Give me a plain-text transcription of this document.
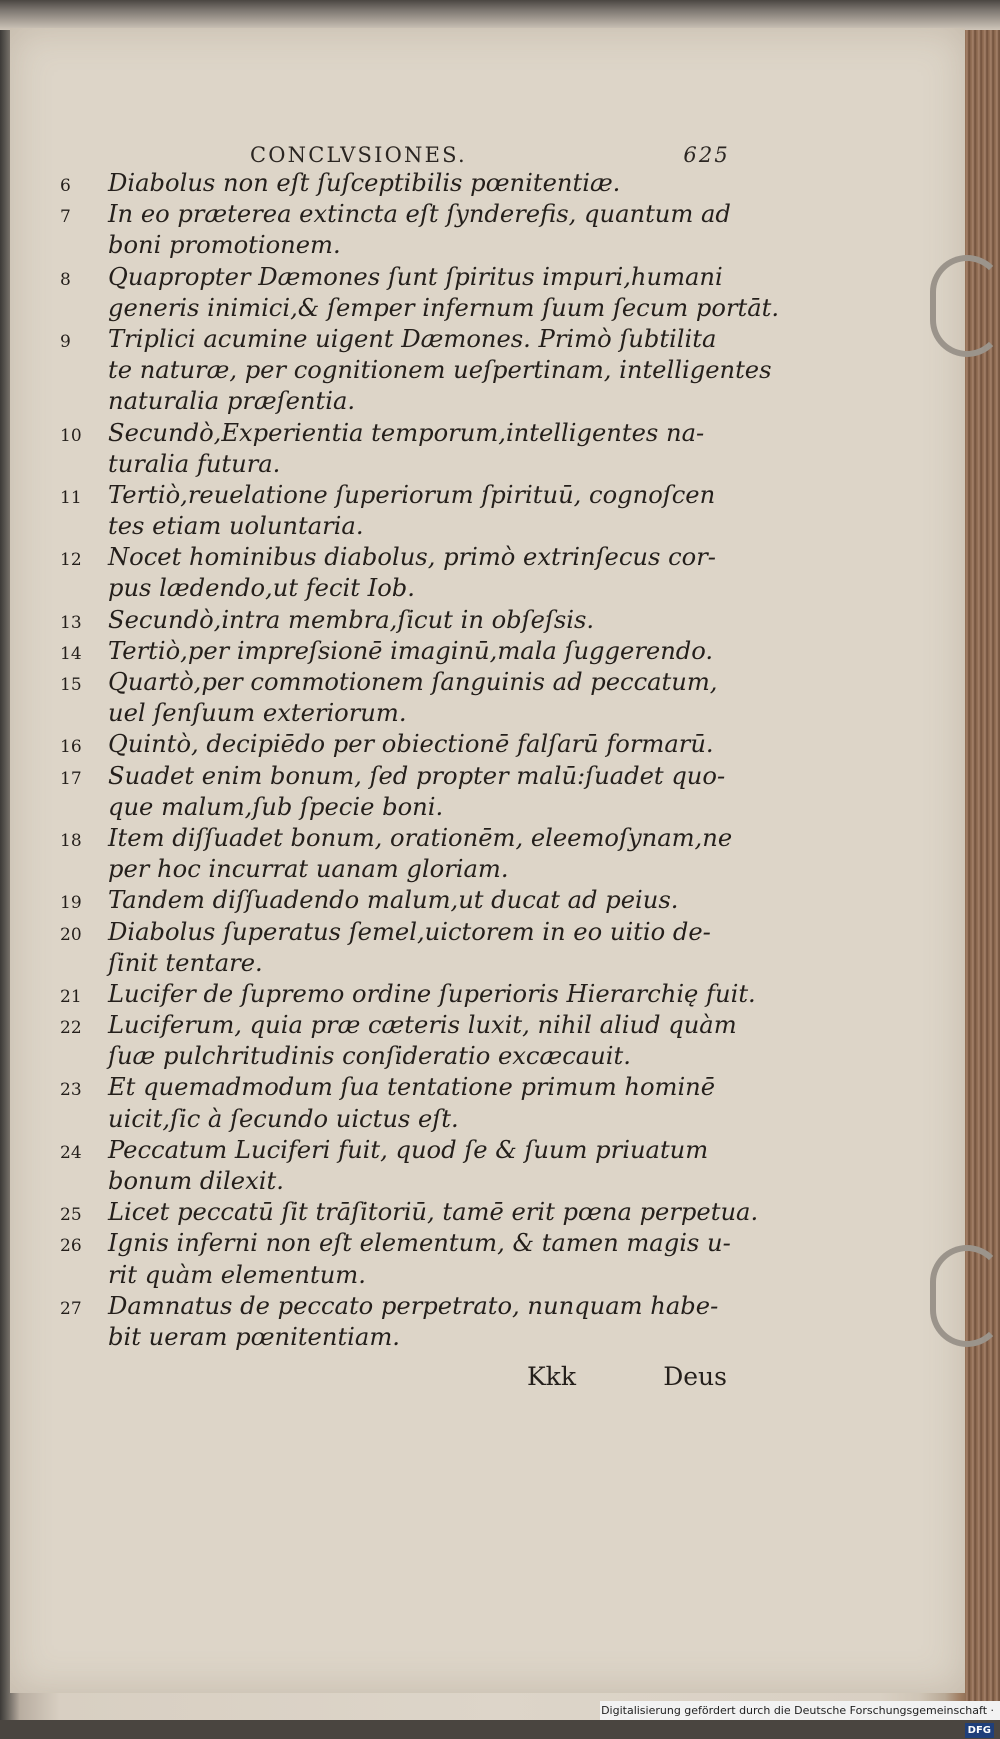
CONCLVSIONES.	625
6 Diabolus non eſt ſuſceptibilis pœnitentiæ.
7 In eo præterea extincta eſt ſynderefis, quantum ad
boni promotionem.
8 Quapropter Dæmones ſunt ſpiritus impuri,humani
generis inimici,& ſemper infernum ſuum ſecum portāt.
9 Triplici acumine uigent Dæmones. Primò ſubtilita
te naturæ, per cognitionem ueſpertinam, intelligentes
naturalia præſentia.
10 Secundò,Experientia temporum,intelligentes na-
turalia futura.
11 Tertiò,reuelatione ſuperiorum ſpirituū, cognoſcen
tes etiam uoluntaria.
12 Nocet hominibus diabolus, primò extrinſecus cor-
pus lædendo,ut fecit Iob.
13 Secundò,intra membra,ſicut in obſeſsis.
14 Tertiò,per impreſsionē imaginū,mala ſuggerendo.
15 Quartò,per commotionem ſanguinis ad peccatum,
uel ſenſuum exteriorum.
16 Quintò, decipiēdo per obiectionē falſarū formarū.
17 Suadet enim bonum, ſed propter malū:ſuadet quo-
que malum,ſub ſpecie boni.
18 Item diſſuadet bonum, orationēm, eleemoſynam,ne
per hoc incurrat uanam gloriam.
19 Tandem diſſuadendo malum,ut ducat ad peius.
20 Diabolus ſuperatus ſemel,uictorem in eo uitio de-
ſinit tentare.
21 Lucifer de ſupremo ordine ſuperioris Hierarchię fuit.
22 Luciferum, quia præ cæteris luxit, nihil aliud quàm
ſuæ pulchritudinis conſideratio excæcauit.
23 Et quemadmodum ſua tentatione primum hominē
uicit,ſic à ſecundo uictus eſt.
24 Peccatum Luciferi fuit, quod ſe & ſuum priuatum
bonum dilexit.
25 Licet peccatū ſit trāſitoriū, tamē erit pœna perpetua.
26 Ignis inferni non eſt elementum, & tamen magis u-
rit quàm elementum.
27 Damnatus de peccato perpetrato, nunquam habe-
bit ueram pœnitentiam.
Kkk	Deus
Digitalisierung gefördert durch die Deutsche Forschungsgemeinschaft ·DFG
